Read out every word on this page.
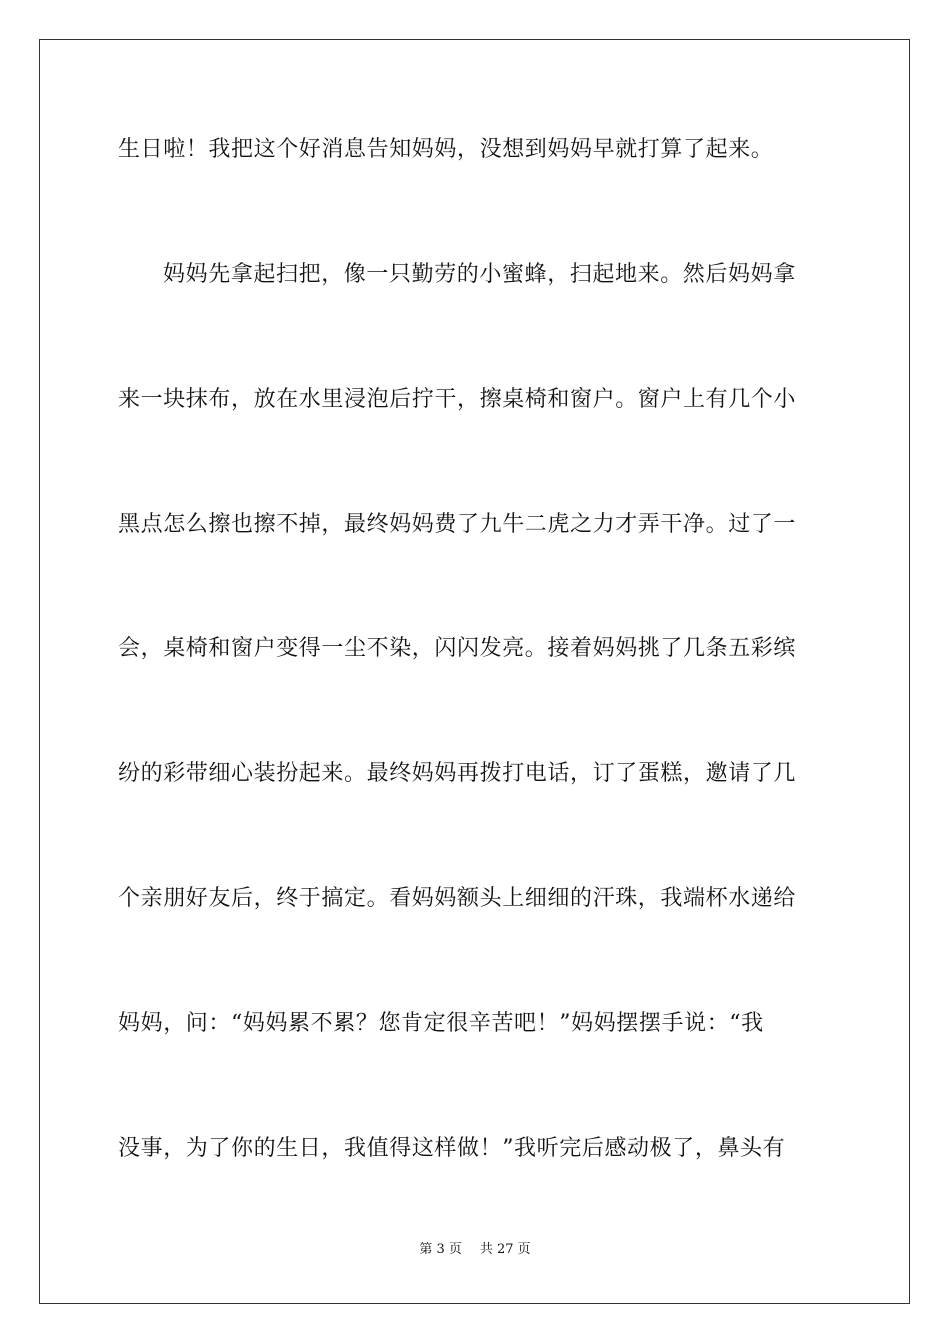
生日啦！我把这个好消息告知妈妈，没想到妈妈早就打算了起来。
妈妈先拿起扫把，像一只勤劳的小蜜蜂，扫起地来。然后妈妈拿
来一块抹布，放在水里浸泡后拧干，擦桌椅和窗户。窗户上有几个小
黑点怎么擦也擦不掉，最终妈妈费了九牛二虎之力才弄干净。过了一
会，桌椅和窗户变得一尘不染，闪闪发亮。接着妈妈挑了几条五彩缤
纷的彩带细心装扮起来。最终妈妈再拨打电话，订了蛋糕，邀请了几
个亲朋好友后，终于搞定。看妈妈额头上细细的汗珠，我端杯水递给
妈妈，问：“妈妈累不累？您肯定很辛苦吧！”妈妈摆摆手说：“我
没事，为了你的生日，我值得这样做！”我听完后感动极了，鼻头有
第 3 页 共 27 页
